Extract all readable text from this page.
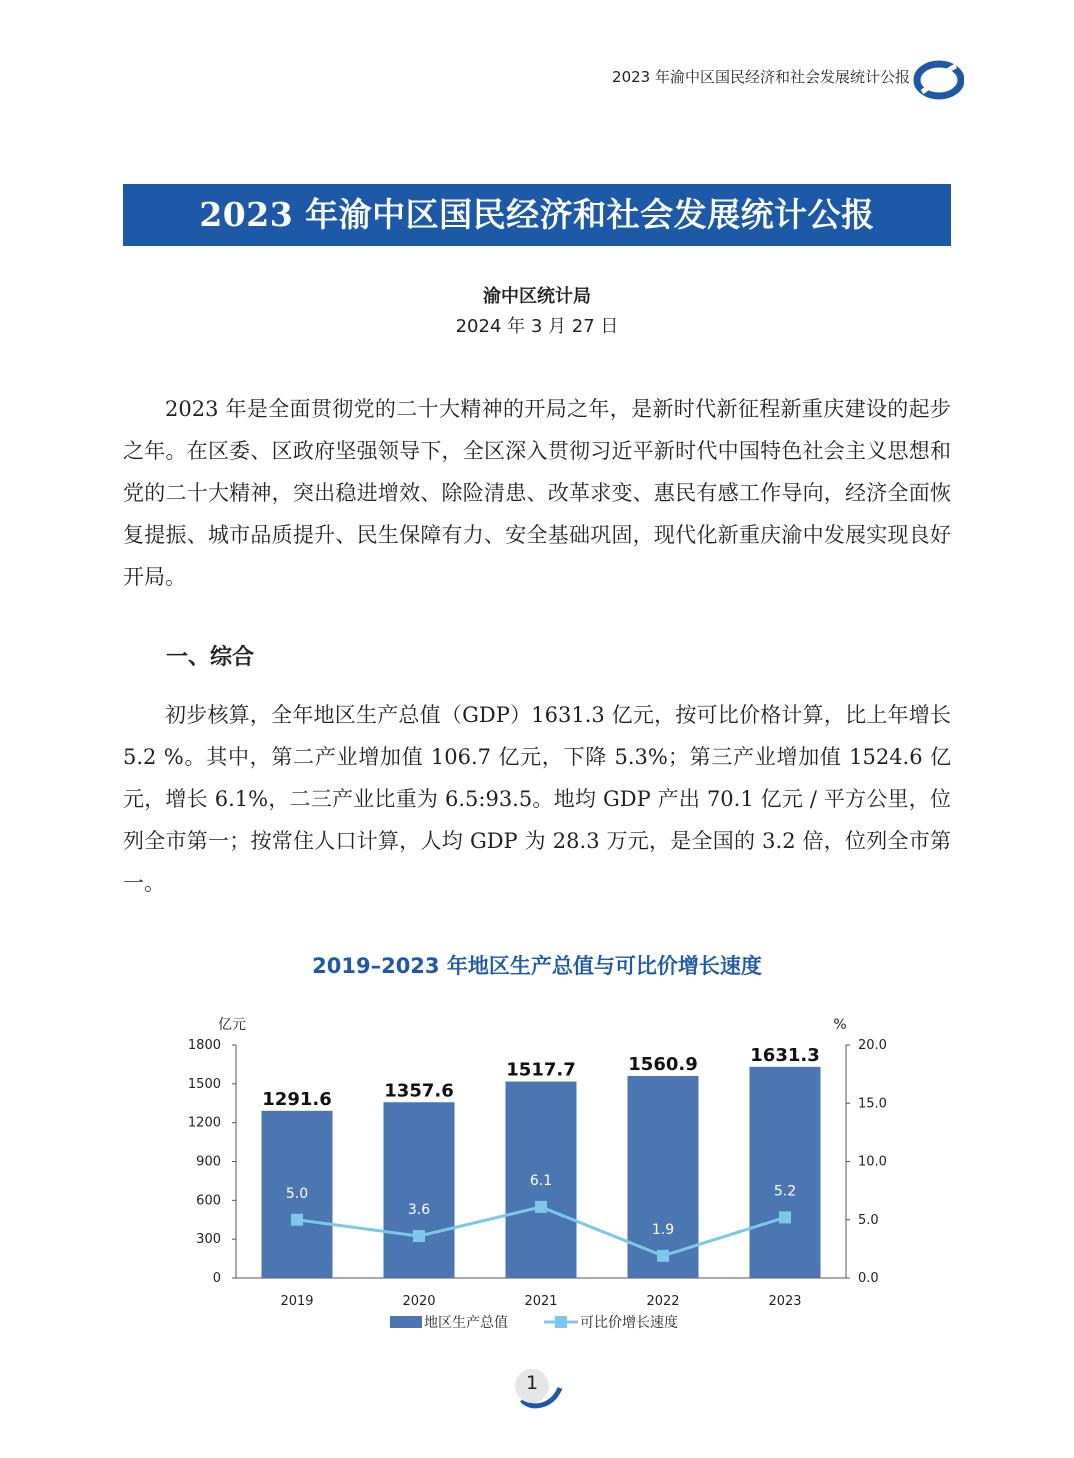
2023 年渝中区国民经济和社会发展统计公报
2023 年渝中区国民经济和社会发展统计公报
渝中区统计局
2024 年 3 月 27 日

2023 年是全面贯彻党的二十大精神的开局之年，是新时代新征程新重庆建设的起步之年。在区委、区政府坚强领导下，全区深入贯彻习近平新时代中国特色社会主义思想和党的二十大精神，突出稳进增效、除险清患、改革求变、惠民有感工作导向，经济全面恢复提振、城市品质提升、民生保障有力、安全基础巩固，现代化新重庆渝中发展实现良好开局。

一、综合

初步核算，全年地区生产总值（GDP）1631.3 亿元，按可比价格计算，比上年增长 5.2 %。其中，第二产业增加值 106.7 亿元，下降 5.3%；第三产业增加值 1524.6 亿元，增长 6.1%，二三产业比重为 6.5:93.5。地均 GDP 产出 70.1 亿元 / 平方公里，位列全市第一；按常住人口计算，人均 GDP 为 28.3 万元，是全国的 3.2 倍，位列全市第一。

2019–2023 年地区生产总值与可比价增长速度
亿元	%
0
300
600
900
1200
1500
1800
0.0
5.0
10.0
15.0
20.0
1291.6	1357.6
1517.7	1560.9	1631.3
5.0
3.6
6.1
1.9
5.2
2019	2020	2021	2022	2023
地区生产总值	可比价增长速度
1
